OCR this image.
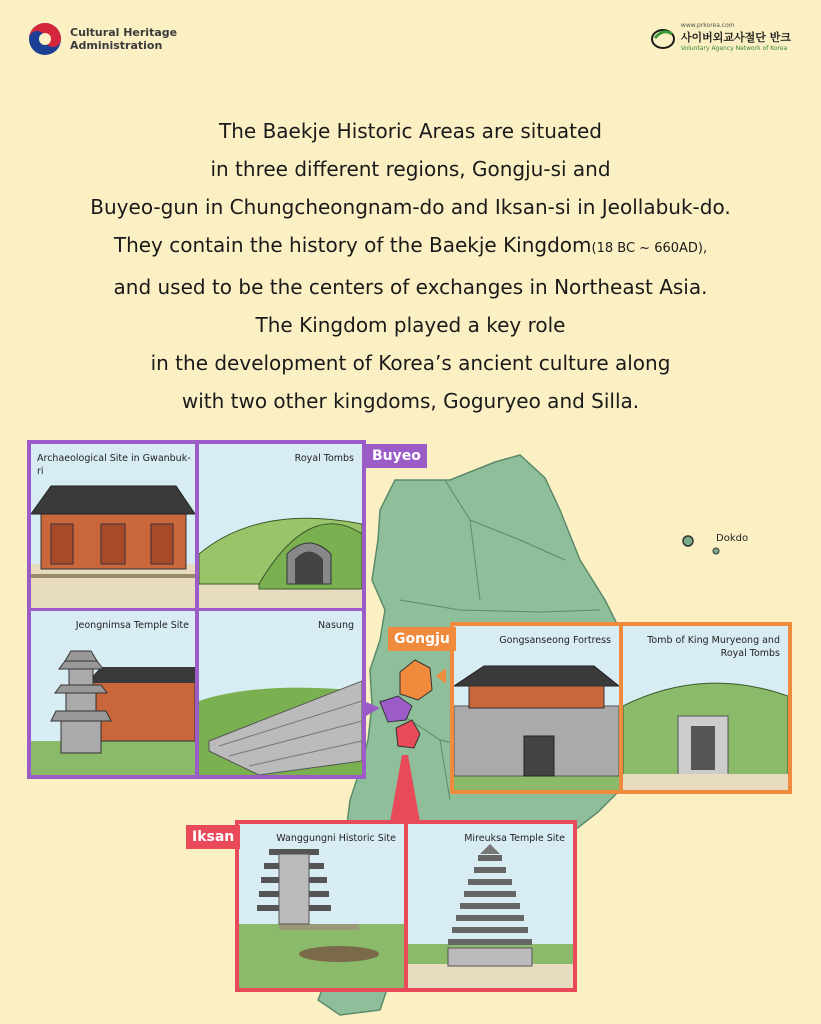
Cultural Heritage
Administration
www.prkorea.com
사이버외교사절단 반크
Voluntary Agency Network of Korea

The Baekje Historic Areas are situated

in three different regions, Gongju-si and

Buyeo-gun in Chungcheongnam-do and Iksan-si in Jeollabuk-do.

They contain the history of the Baekje Kingdom(18 BC ~ 660AD),

and used to be the centers of exchanges in Northeast Asia.

The Kingdom played a key role

in the development of Korea’s ancient culture along

with two other kingdoms, Goguryeo and Silla.

Dokdo
Archaeological Site in Gwanbuk-ri
Royal Tombs
Jeongnimsa Temple Site	Nasung
Buyeo
Gongsanseong Fortress	Tomb of King Muryeong and Royal Tombs
Gongju
Wanggungni Historic Site	Mireuksa Temple Site
Iksan
